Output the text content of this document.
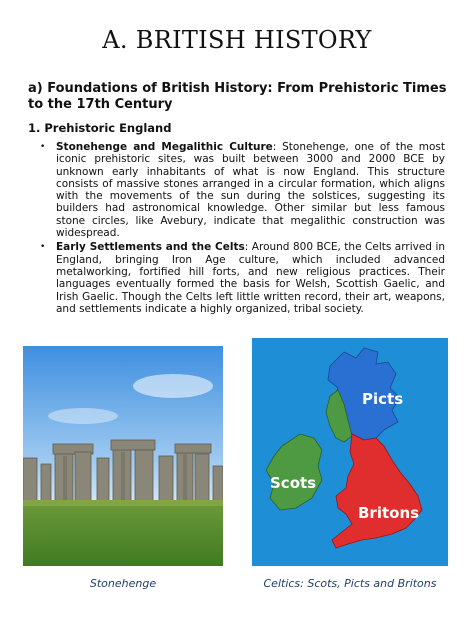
A. BRITISH HISTORY
a) Foundations of British History: From Prehistoric Times to the 17th Century
1. Prehistoric England
• Stonehenge and Megalithic Culture: Stonehenge, one of the most iconic prehistoric sites, was built between 3000 and 2000 BCE by unknown early inhabitants of what is now England. This structure consists of massive stones arranged in a circular formation, which aligns with the movements of the sun during the solstices, suggesting its builders had astronomical knowledge. Other similar but less famous stone circles, like Avebury, indicate that megalithic construction was widespread.
• Early Settlements and the Celts: Around 800 BCE, the Celts arrived in England, bringing Iron Age culture, which included advanced metalworking, fortified hill forts, and new religious practices. Their languages eventually formed the basis for Welsh, Scottish Gaelic, and Irish Gaelic. Though the Celts left little written record, their art, weapons, and settlements indicate a highly organized, tribal society.
Picts
Scots
Britons
Stonehenge	Celtics: Scots, Picts and Britons
